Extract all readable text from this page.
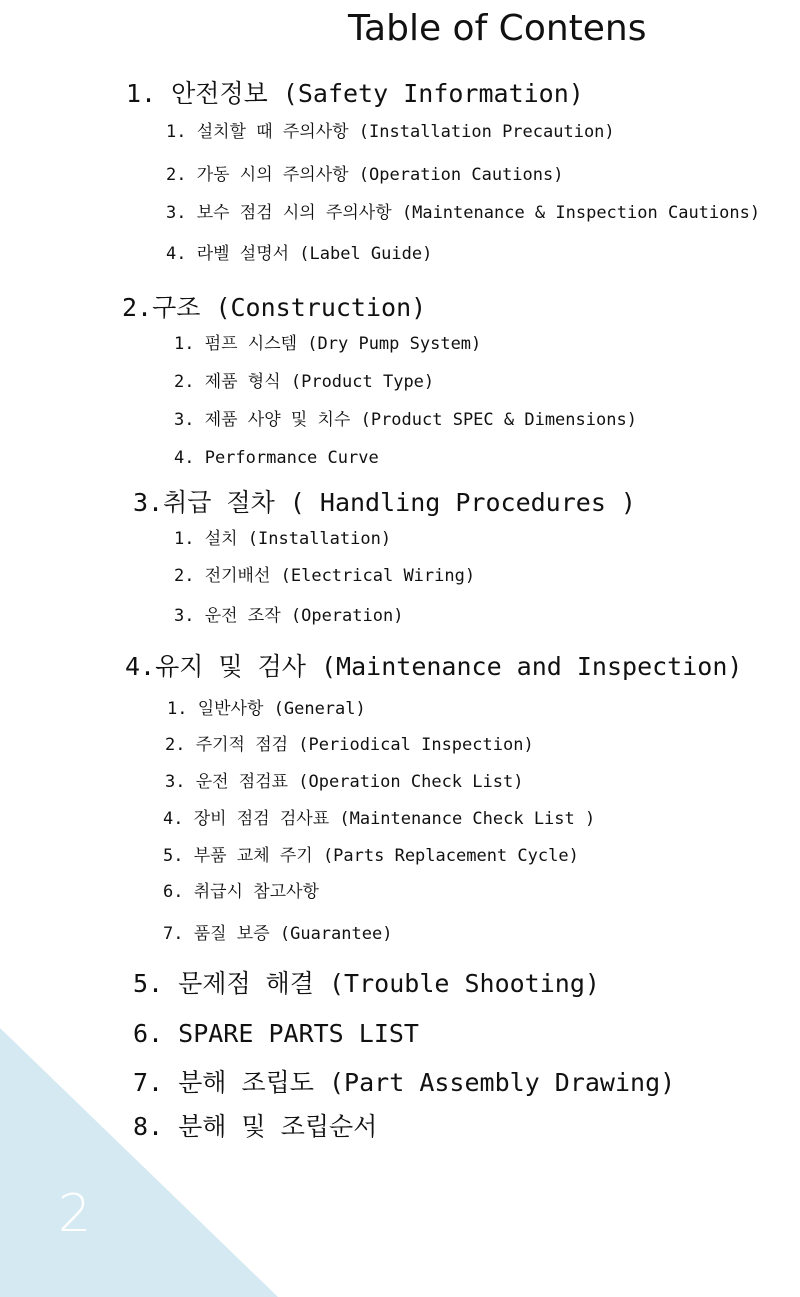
2
Table of Contens
1. 안전정보 (Safety Information)
1. 설치할 때 주의사항 (Installation Precaution)
2. 가동 시의 주의사항 (Operation Cautions)
3. 보수 점검 시의 주의사항 (Maintenance & Inspection Cautions)
4. 라벨 설명서 (Label Guide)
2.구조 (Construction)
1. 펌프 시스템 (Dry Pump System)
2. 제품 형식 (Product Type)
3. 제품 사양 및 치수 (Product SPEC & Dimensions)
4. Performance Curve
3.취급 절차 ( Handling Procedures )
1. 설치 (Installation)
2. 전기배선 (Electrical Wiring)
3. 운전 조작 (Operation)
4.유지 및 검사 (Maintenance and Inspection)
1. 일반사항 (General)
2. 주기적 점검 (Periodical Inspection)
3. 운전 점검표 (Operation Check List)
4. 장비 점검 검사표 (Maintenance Check List )
5. 부품 교체 주기 (Parts Replacement Cycle)
6. 취급시 참고사항
7. 품질 보증 (Guarantee)
5. 문제점 해결 (Trouble Shooting)
6. SPARE PARTS LIST
7. 분해 조립도 (Part Assembly Drawing)
8. 분해 및 조립순서
